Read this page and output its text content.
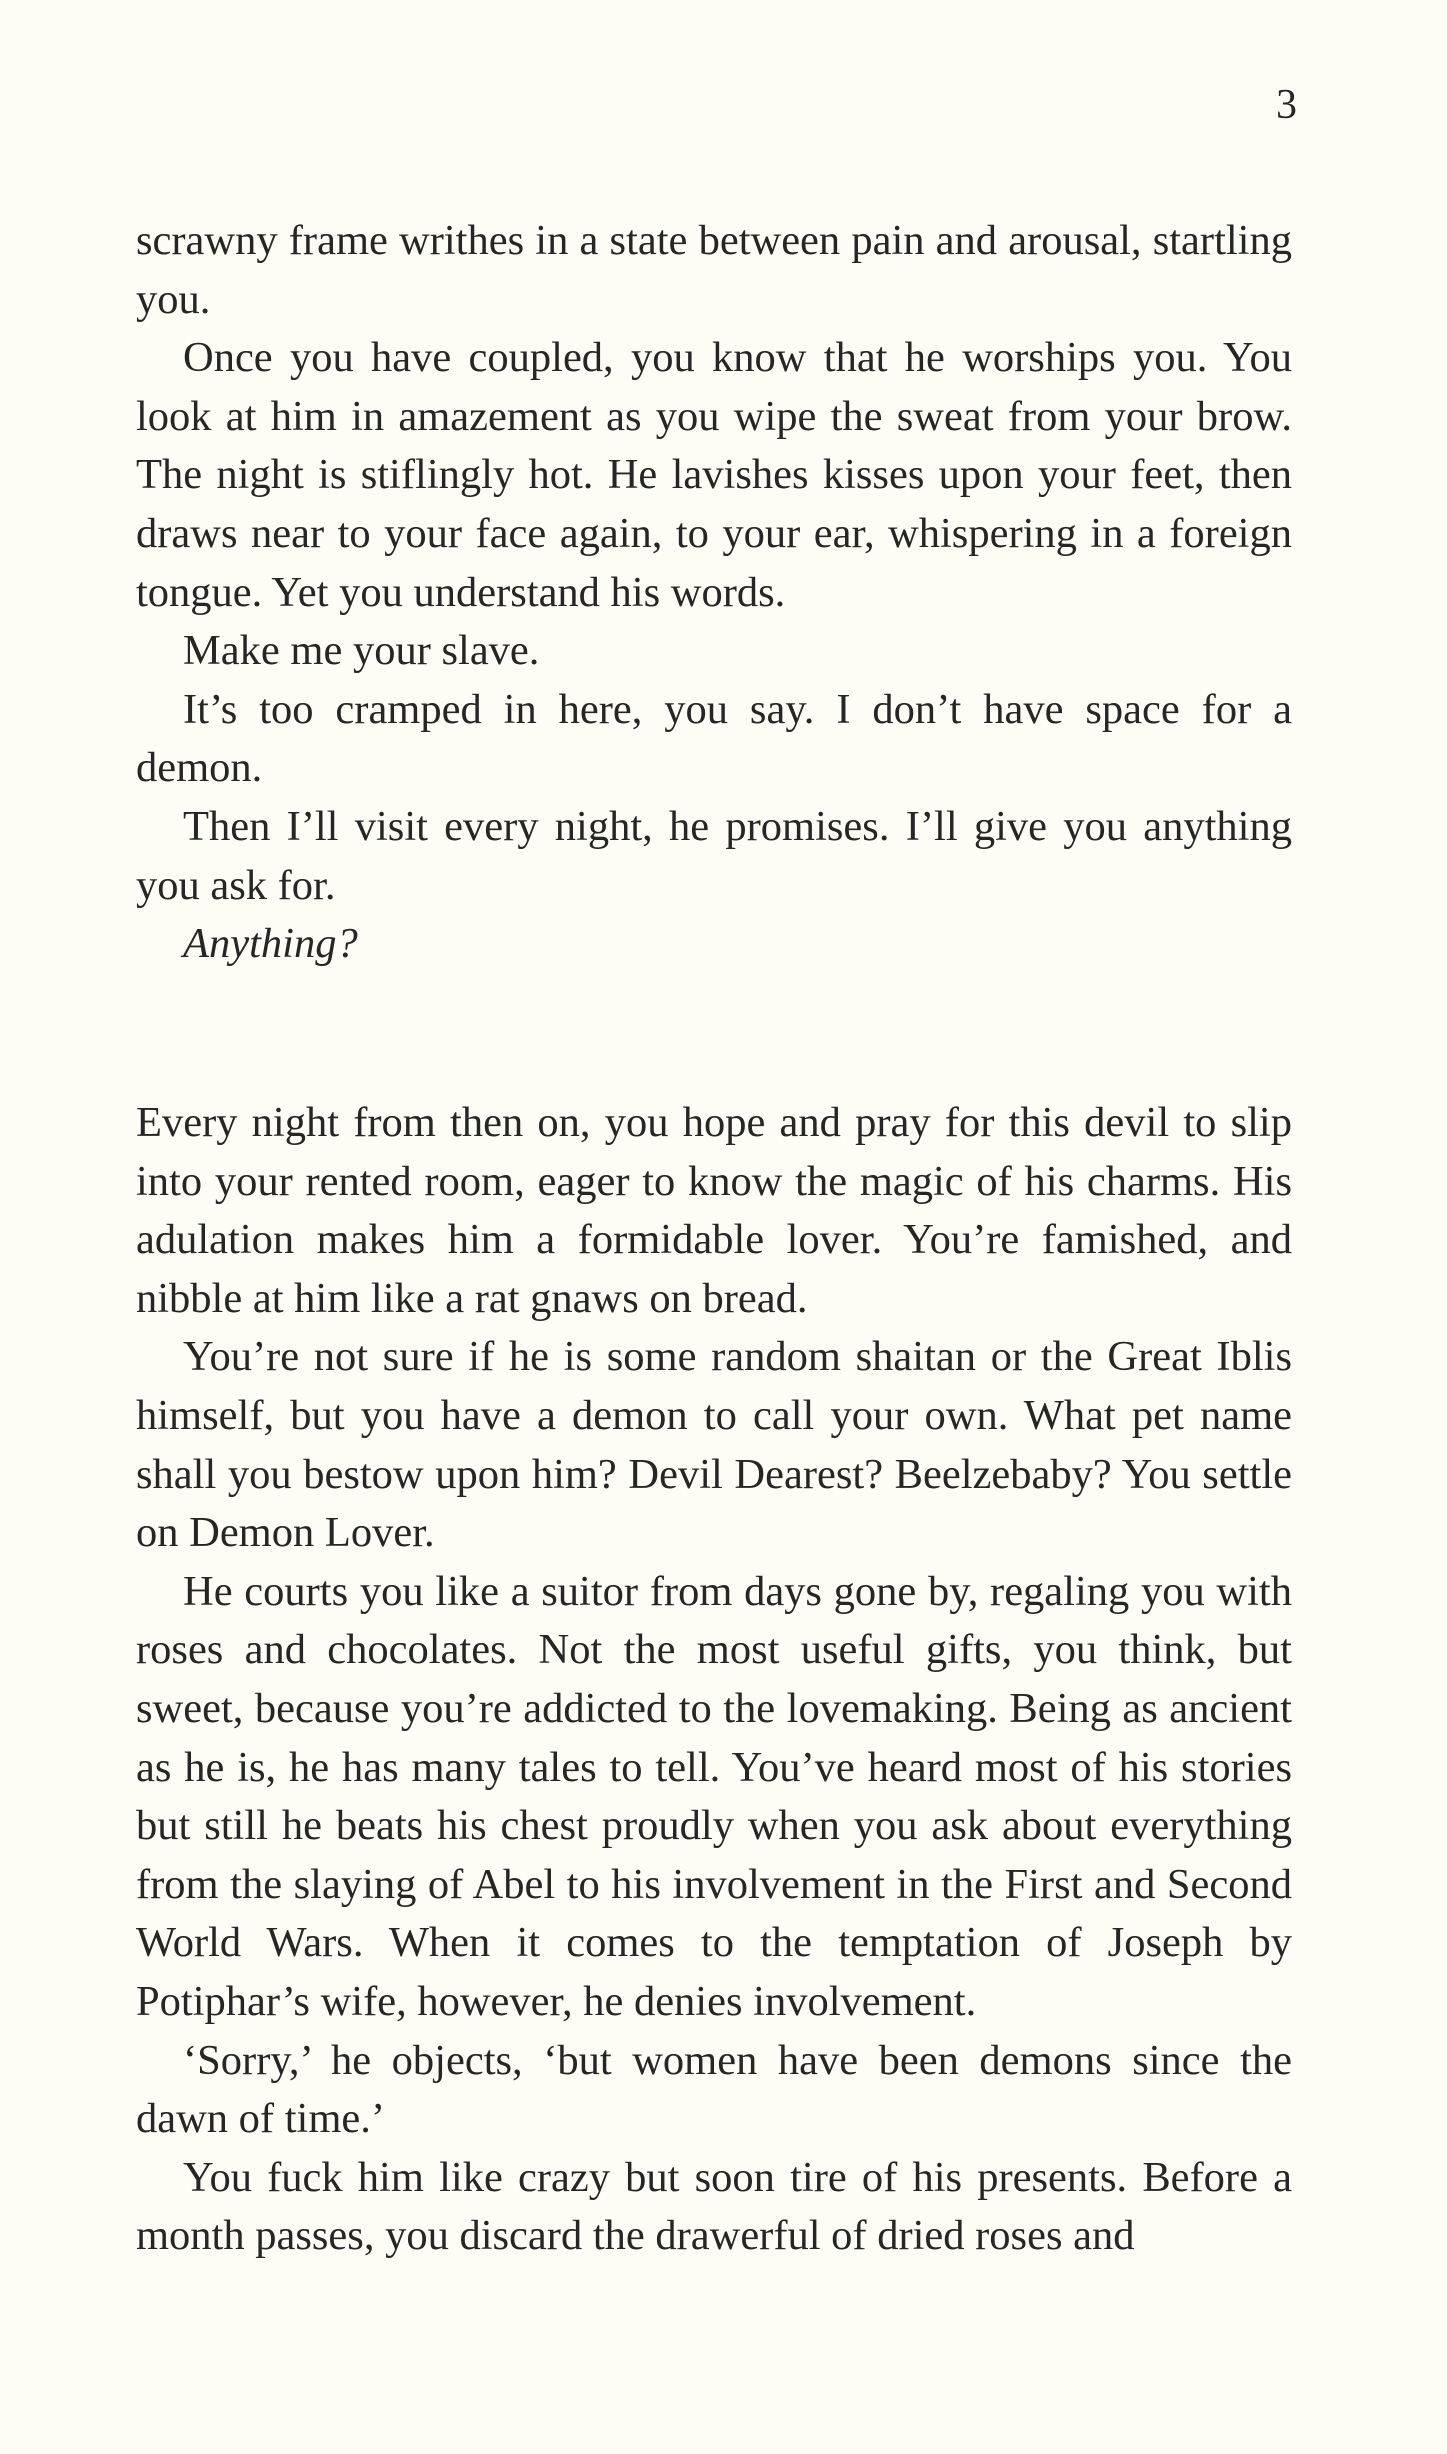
3

scrawny frame writhes in a state between pain and arousal, startling you.

Once you have coupled, you know that he worships you. You look at him in amazement as you wipe the sweat from your brow. The night is stiflingly hot. He lavishes kisses upon your feet, then draws near to your face again, to your ear, whispering in a foreign tongue. Yet you understand his words.

Make me your slave.

It’s too cramped in here, you say. I don’t have space for a demon.

Then I’ll visit every night, he promises. I’ll give you anything you ask for.

Anything?

Every night from then on, you hope and pray for this devil to slip into your rented room, eager to know the magic of his charms. His adulation makes him a formidable lover. You’re famished, and nibble at him like a rat gnaws on bread.

You’re not sure if he is some random shaitan or the Great Iblis himself, but you have a demon to call your own. What pet name shall you bestow upon him? Devil Dearest? Beelzebaby? You settle on Demon Lover.

He courts you like a suitor from days gone by, regaling you with roses and chocolates. Not the most useful gifts, you think, but sweet, because you’re addicted to the lovemaking. Being as ancient as he is, he has many tales to tell. You’ve heard most of his stories but still he beats his chest proudly when you ask about everything from the slaying of Abel to his involvement in the First and Second World Wars. When it comes to the temptation of Joseph by Potiphar’s wife, however, he denies involvement.

‘Sorry,’ he objects, ‘but women have been demons since the dawn of time.’

You fuck him like crazy but soon tire of his presents. Before a month passes, you discard the drawerful of dried roses and
